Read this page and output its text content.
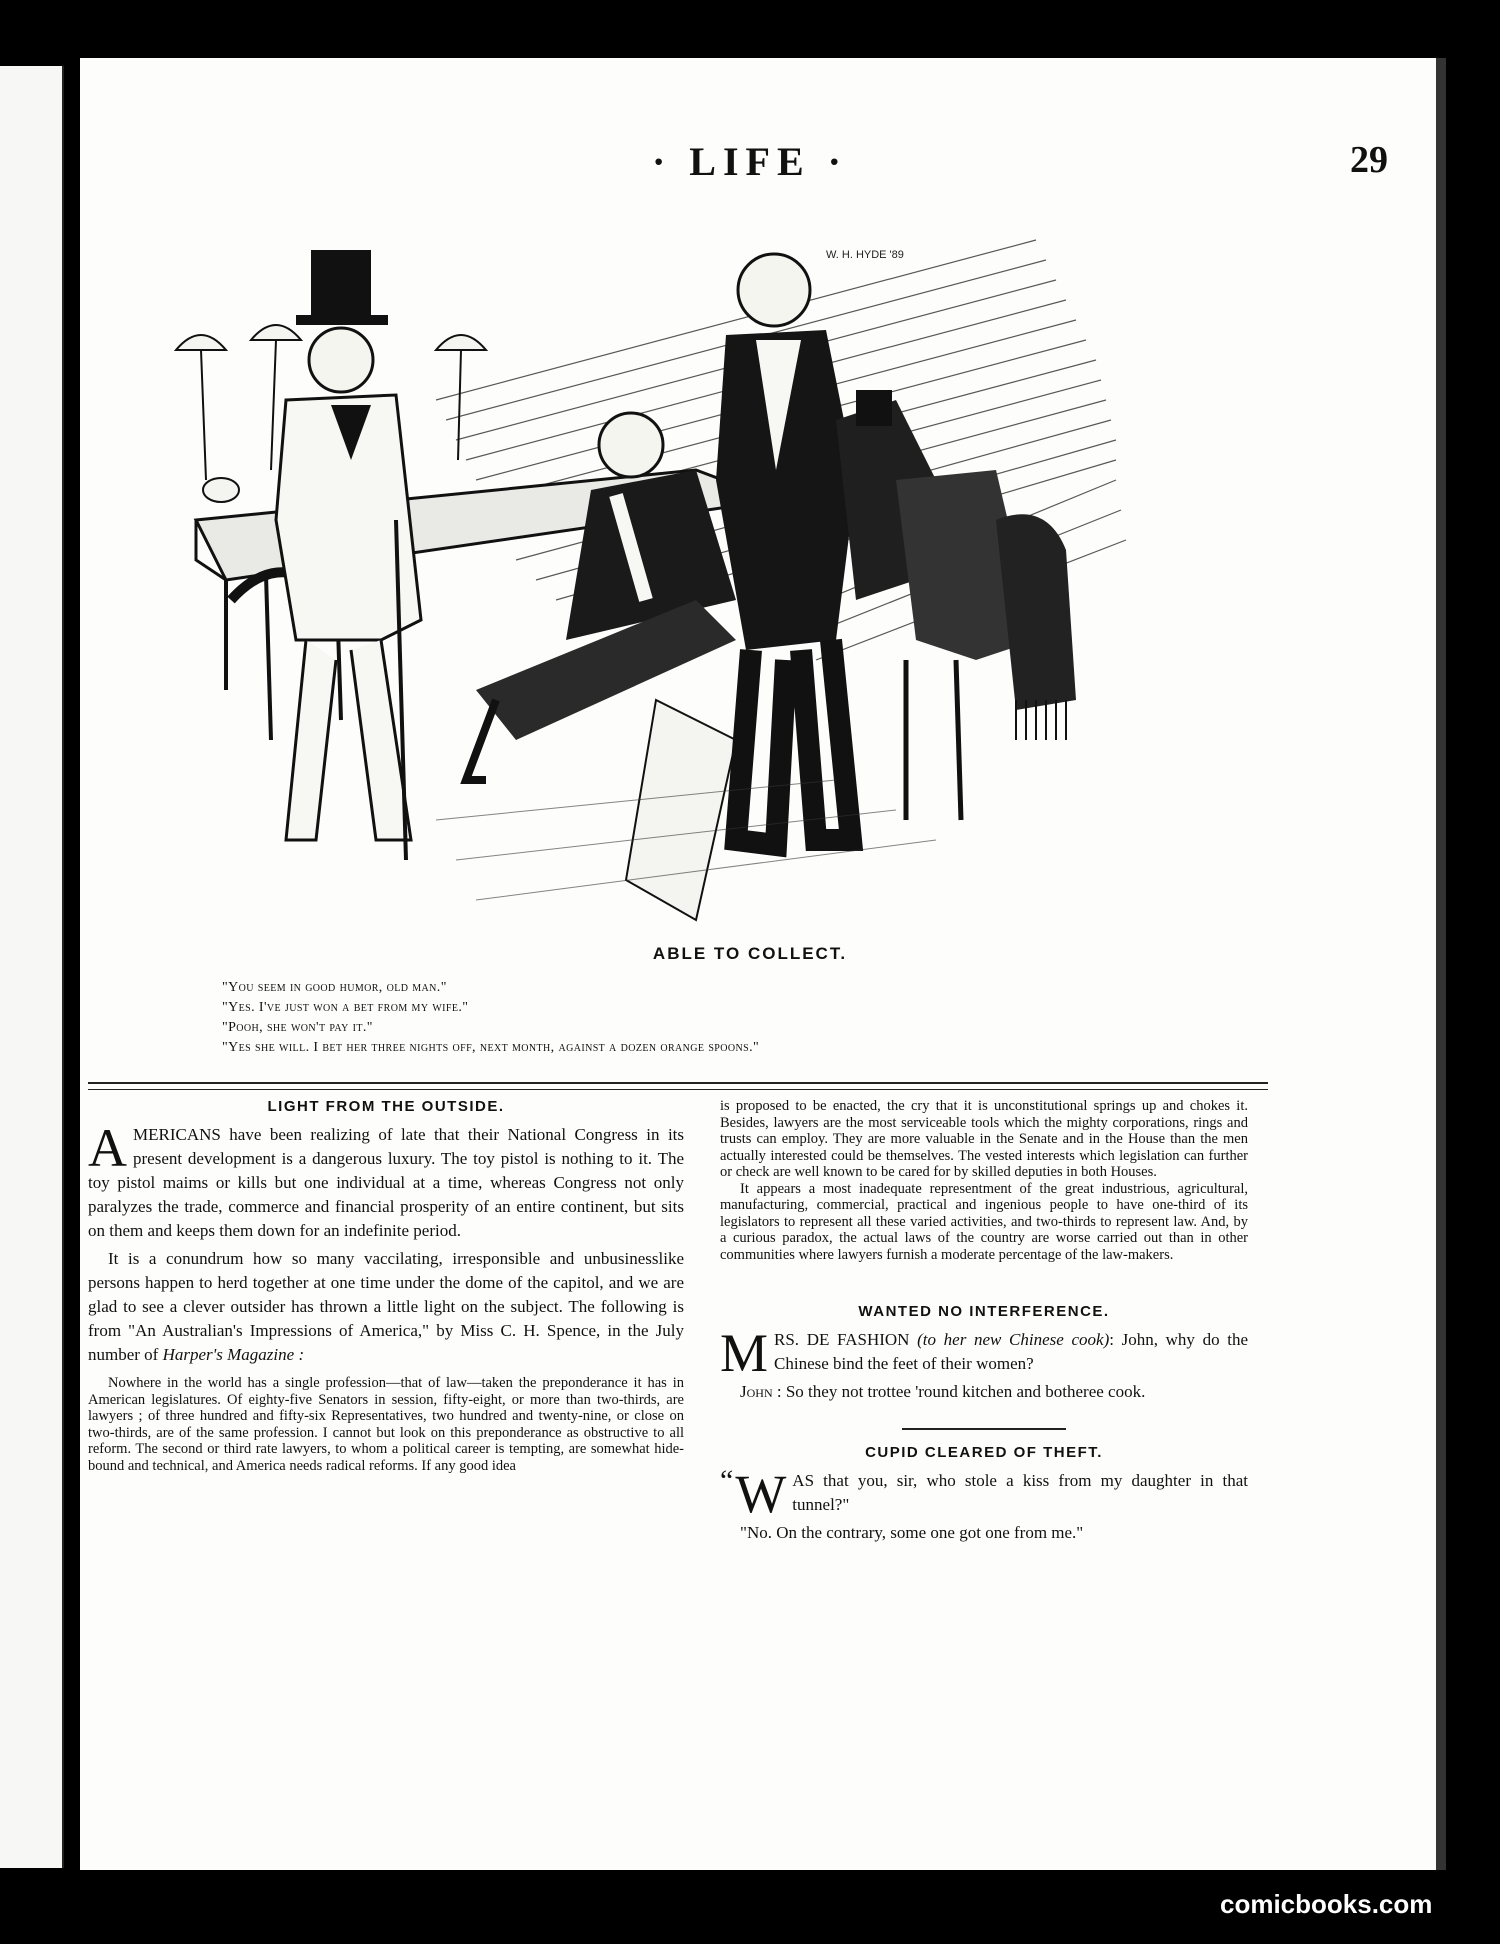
· LIFE ·	29
W. H. HYDE '89
ABLE TO COLLECT.
"You seem in good humor, old man."
"Yes. I've just won a bet from my wife."
"Pooh, she won't pay it."
"Yes she will. I bet her three nights off, next month, against a dozen orange spoons."
LIGHT FROM THE OUTSIDE.

AMERICANS have been realizing of late that their National Congress in its present development is a dangerous luxury. The toy pistol is nothing to it. The toy pistol maims or kills but one individual at a time, whereas Congress not only paralyzes the trade, commerce and financial prosperity of an entire continent, but sits on them and keeps them down for an indefinite period.

It is a conundrum how so many vaccilating, irresponsible and unbusinesslike persons happen to herd together at one time under the dome of the capitol, and we are glad to see a clever outsider has thrown a little light on the subject. The following is from "An Australian's Impressions of America," by Miss C. H. Spence, in the July number of Harper's Magazine :

Nowhere in the world has a single profession—that of law—taken the preponderance it has in American legislatures. Of eighty-five Senators in session, fifty-eight, or more than two-thirds, are lawyers ; of three hundred and fifty-six Representatives, two hundred and twenty-nine, or close on two-thirds, are of the same profession. I cannot but look on this preponderance as obstructive to all reform. The second or third rate lawyers, to whom a political career is tempting, are somewhat hide-bound and technical, and America needs radical reforms. If any good idea

is proposed to be enacted, the cry that it is unconstitutional springs up and chokes it. Besides, lawyers are the most serviceable tools which the mighty corporations, rings and trusts can employ. They are more valuable in the Senate and in the House than the men actually interested could be themselves. The vested interests which legislation can further or check are well known to be cared for by skilled deputies in both Houses.

It appears a most inadequate representment of the great industrious, agricultural, manufacturing, commercial, practical and ingenious people to have one-third of its legislators to represent all these varied activities, and two-thirds to represent law. And, by a curious paradox, the actual laws of the country are worse carried out than in other communities where lawyers furnish a moderate percentage of the law-makers.

WANTED NO INTERFERENCE.

MRS. DE FASHION (to her new Chinese cook): John, why do the Chinese bind the feet of their women?

John : So they not trottee 'round kitchen and botheree cook.

CUPID CLEARED OF THEFT.

“ W AS that you, sir, who stole a kiss from my daughter in that tunnel?"

"No. On the contrary, some one got one from me."

comicbooks.com
